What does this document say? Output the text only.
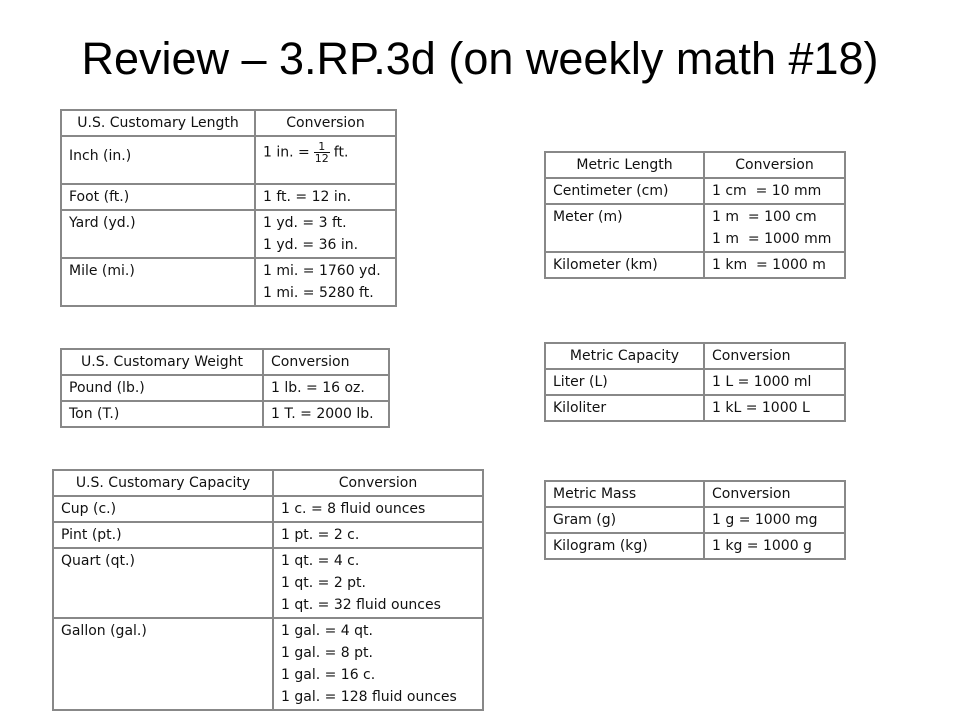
Review – 3.RP.3d (on weekly math #18)
U.S. Customary Length	Conversion
Inch (in.)	1 in. = $\frac{1}{12}$ ft.
Foot (ft.)	1 ft. = 12 in.

Yard (yd.)	1 yd. = 3 ft.
1 yd. = 36 in.

Mile (mi.)	1 mi. = 1760 yd.
1 mi. = 5280 ft.
U.S. Customary Weight	Conversion
Pound (lb.)	1 lb. = 16 oz.

Ton (T.)	1 T. = 2000 lb.
U.S. Customary Capacity	Conversion
Cup (c.)	1 c. = 8 fluid ounces

Pint (pt.)	1 pt. = 2 c.

Quart (qt.)	1 qt. = 4 c.
1 qt. = 2 pt.
1 qt. = 32 fluid ounces

Gallon (gal.)	1 gal. = 4 qt.
1 gal. = 8 pt.
1 gal. = 16 c.
1 gal. = 128 fluid ounces
Metric Length	Conversion
Centimeter (cm)	1 cm  = 10 mm

Meter (m)	1 m  = 100 cm
1 m  = 1000 mm

Kilometer (km)	1 km  = 1000 m
Metric Capacity	Conversion
Liter (L)	1 L = 1000 ml

Kiloliter	1 kL = 1000 L
Metric Mass	Conversion
Gram (g)	1 g = 1000 mg

Kilogram (kg)	1 kg = 1000 g
